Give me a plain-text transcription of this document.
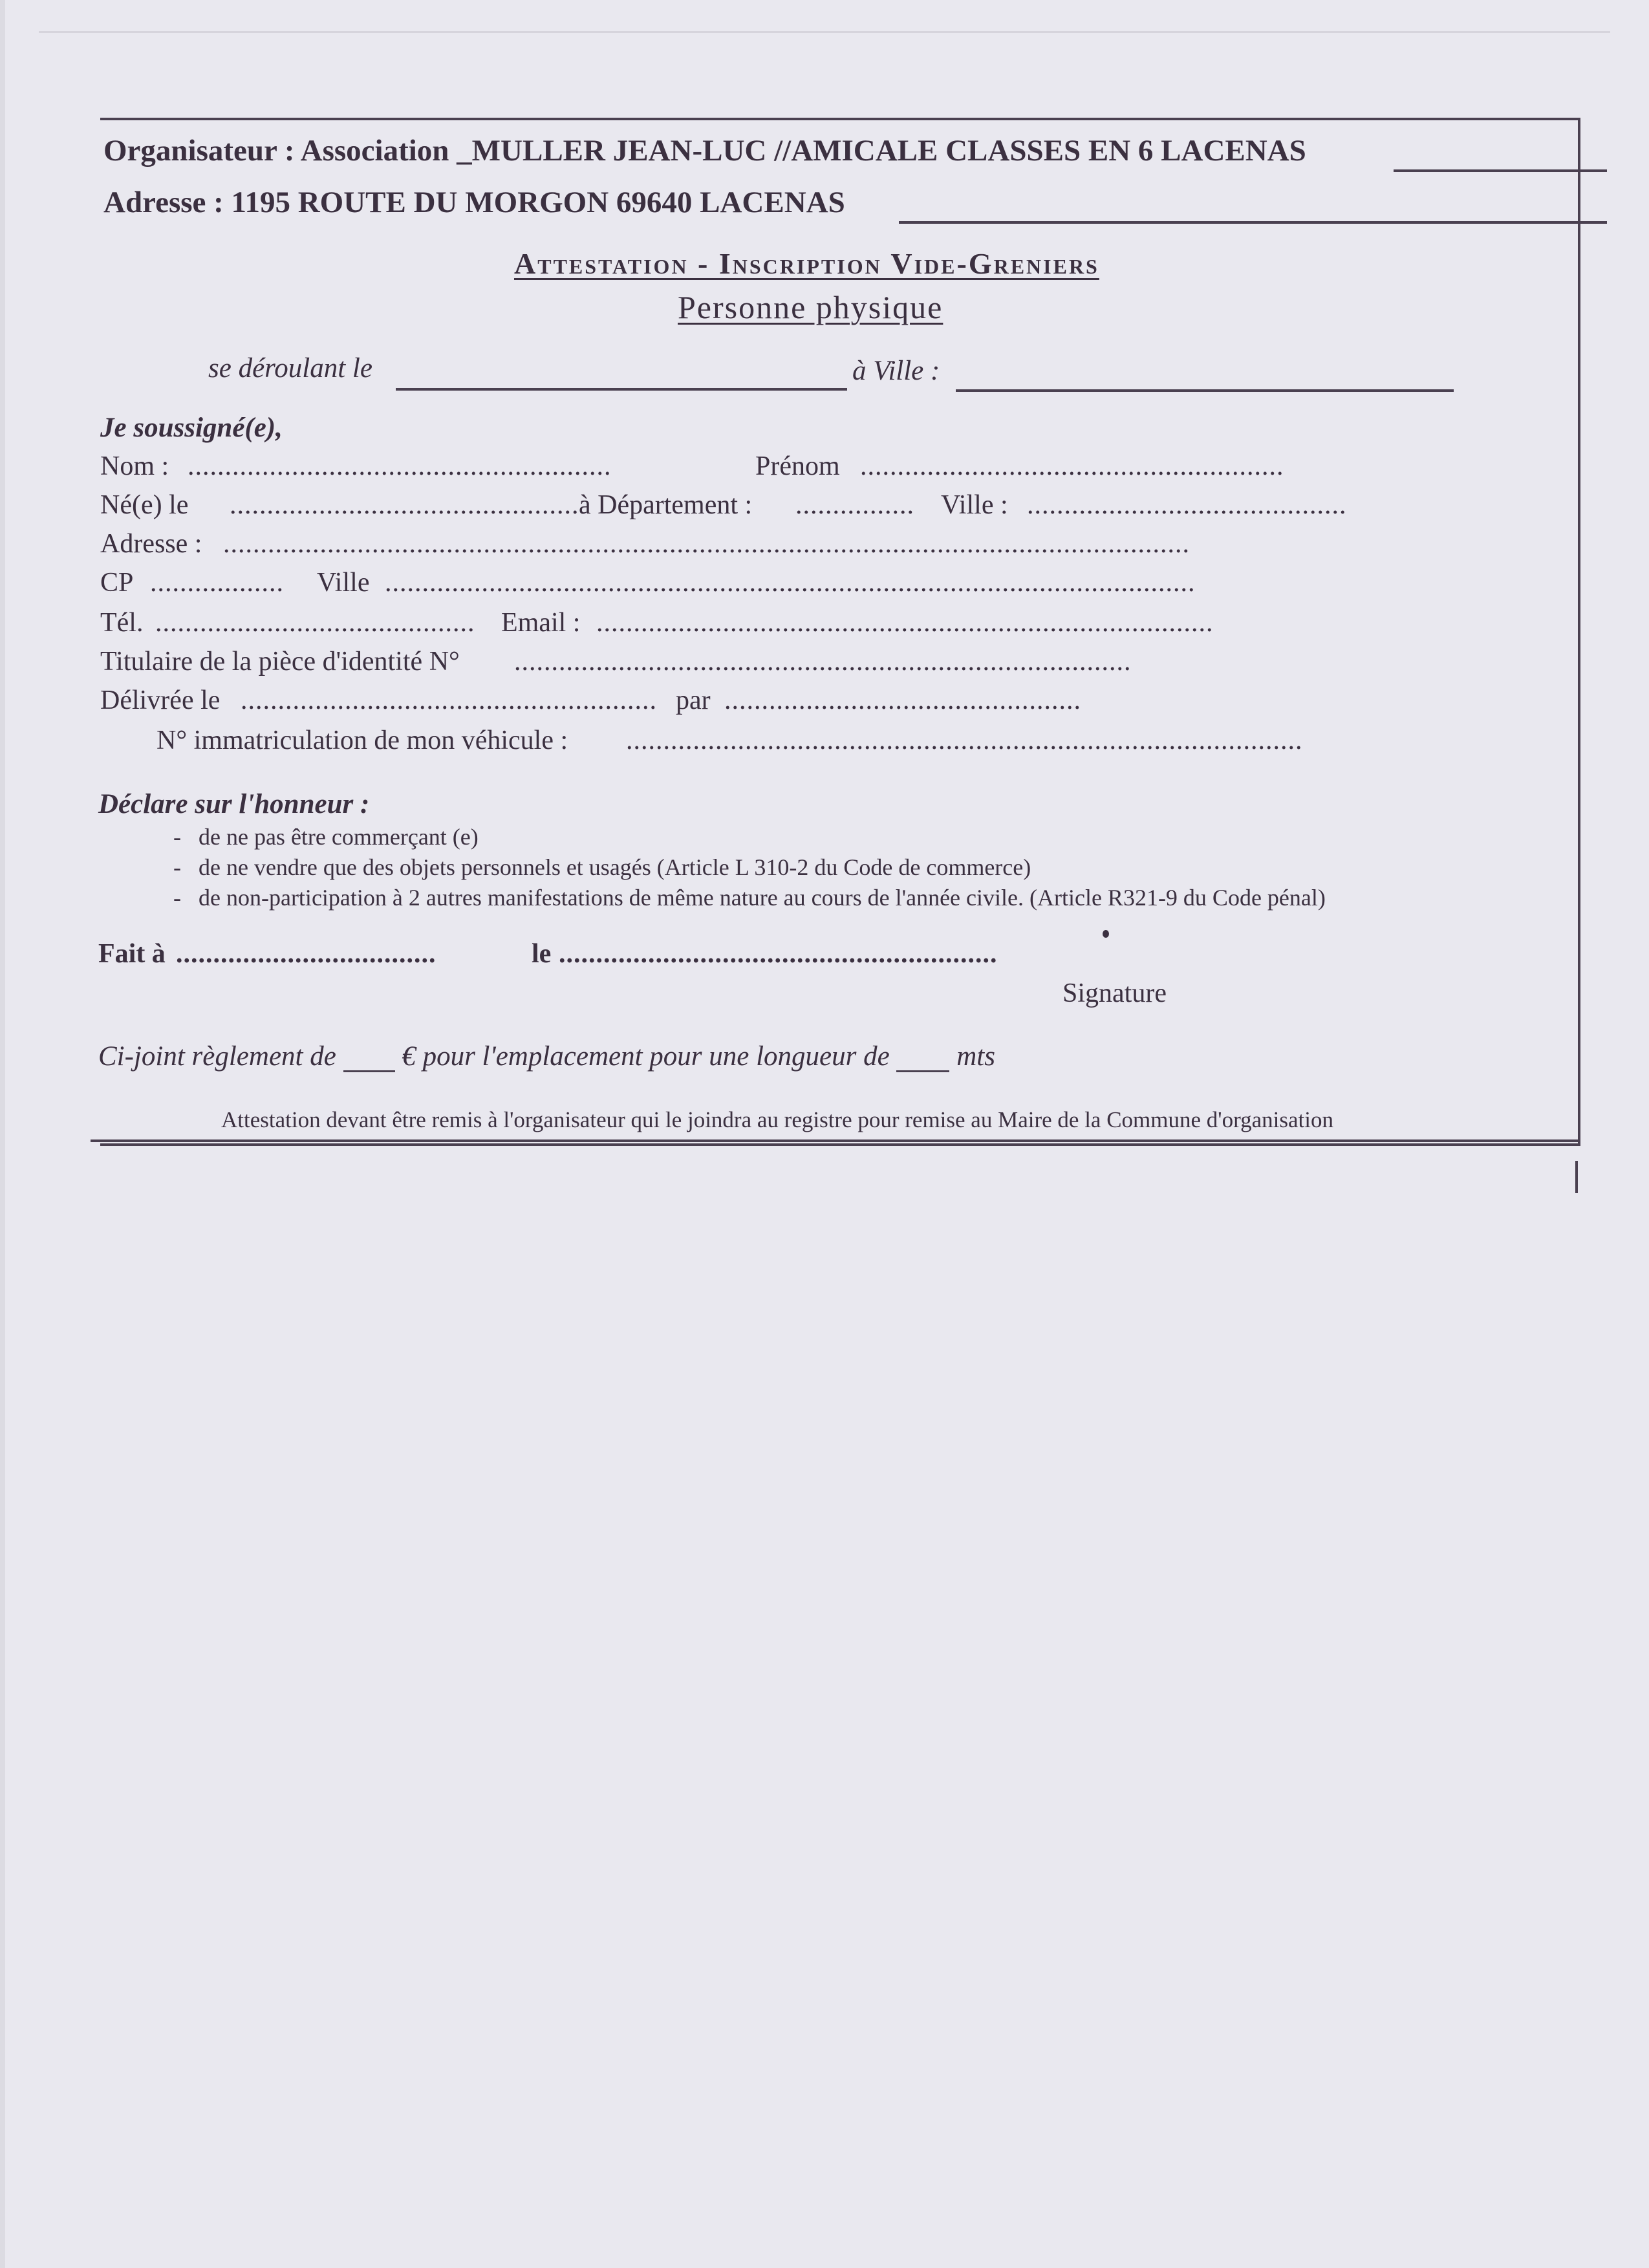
Organisateur : Association _MULLER JEAN-LUC //AMICALE CLASSES EN 6 LACENAS
Adresse : 1195 ROUTE DU MORGON 69640 LACENAS
Attestation - Inscription Vide-Greniers
Personne physique
se déroulant le	à Ville :
Je soussigné(e),
Nom : .........................................................	Prénom .........................................................
Né(e) le ............................................... à Département : ................ Ville : ...........................................
Adresse : ..................................................................................................................................
CP .................. Ville .............................................................................................................
Tél. ........................................... Email : ...................................................................................
Titulaire de la pièce d'identité N° ...................................................................................
Délivrée le ........................................................ par ................................................
N° immatriculation de mon véhicule : ...........................................................................................
Déclare sur l'honneur :
-   de ne pas être commerçant (e)
-   de ne vendre que des objets personnels et usagés (Article L 310-2 du Code de commerce)
-   de non-participation à 2 autres manifestations de même nature au cours de l'année civile. (Article R321-9 du Code pénal)
Fait à ...................................	le ...........................................................
Signature
Ci-joint règlement de € pour l'emplacement pour une longueur de mts
Attestation devant être remis à l'organisateur qui le joindra au registre pour remise au Maire de la Commune d'organisation
